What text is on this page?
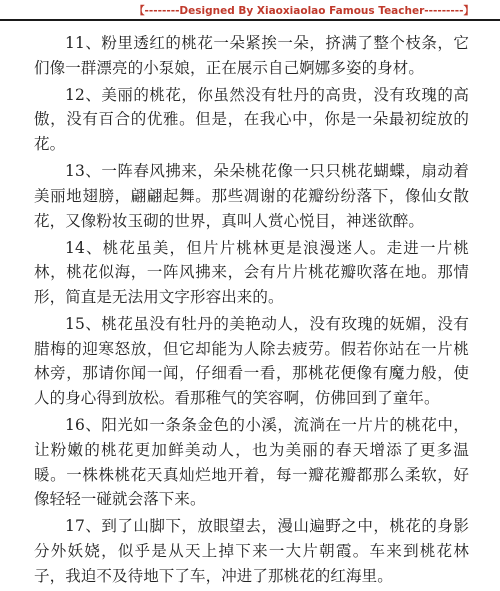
【--------Designed By Xiaoxiaolao Famous Teacher---------】

11、粉里透红的桃花一朵紧挨一朵，挤满了整个枝条，它们像一群漂亮的小泵娘，正在展示自己婀娜多姿的身材。

12、美丽的桃花，你虽然没有牡丹的高贵，没有玫瑰的高傲，没有百合的优雅。但是，在我心中，你是一朵最初绽放的花。

13、一阵春风拂来，朵朵桃花像一只只桃花蝴蝶，扇动着美丽地翅膀，翩翩起舞。那些凋谢的花瓣纷纷落下，像仙女散花，又像粉妆玉砌的世界，真叫人赏心悦目，神迷欲醉。

14、桃花虽美，但片片桃林更是浪漫迷人。走进一片桃林，桃花似海，一阵风拂来，会有片片桃花瓣吹落在地。那情形，简直是无法用文字形容出来的。

15、桃花虽没有牡丹的美艳动人，没有玫瑰的妩媚，没有腊梅的迎寒怒放，但它却能为人除去疲劳。假若你站在一片桃林旁，那请你闻一闻，仔细看一看，那桃花便像有魔力般，使人的身心得到放松。看那稚气的笑容啊，仿佛回到了童年。

16、阳光如一条条金色的小溪，流淌在一片片的桃花中，让粉嫩的桃花更加鲜美动人，也为美丽的春天增添了更多温暖。一株株桃花天真灿烂地开着，每一瓣花瓣都那么柔软，好像轻轻一碰就会落下来。

17、到了山脚下，放眼望去，漫山遍野之中，桃花的身影分外妖娆，似乎是从天上掉下来一大片朝霞。车来到桃花林子，我迫不及待地下了车，冲进了那桃花的红海里。
